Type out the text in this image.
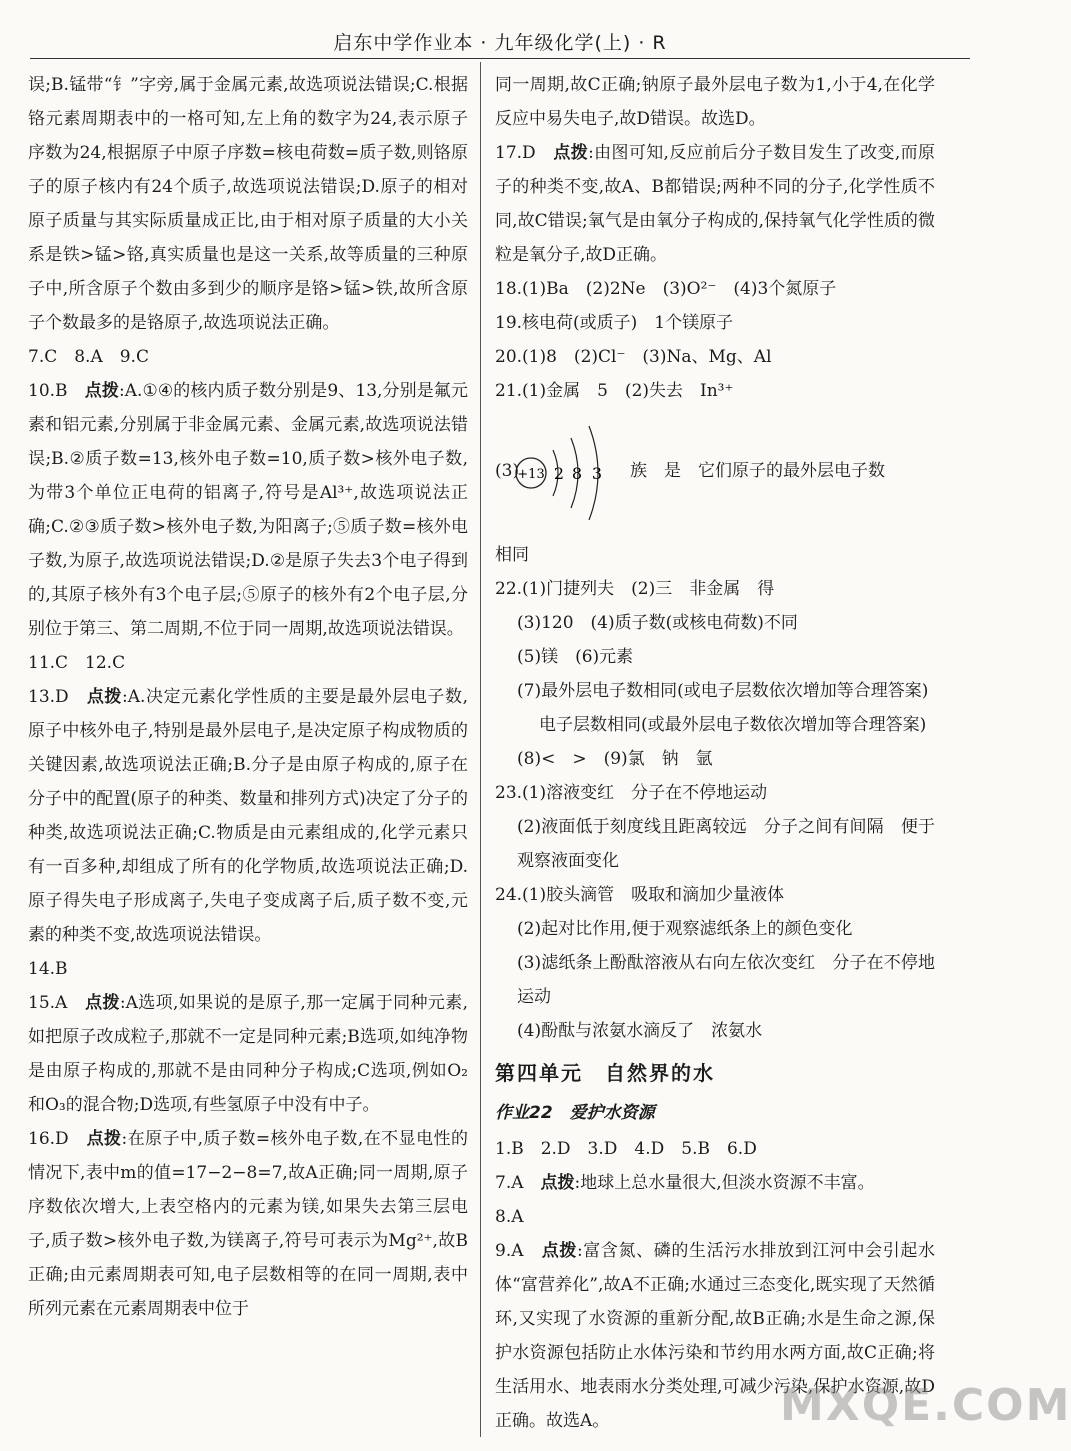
启东中学作业本 · 九年级化学(上) · R

误;B.锰带“钅”字旁,属于金属元素,故选项说法错误;C.根据铬元素周期表中的一格可知,左上角的数字为24,表示原子序数为24,根据原子中原子序数=核电荷数=质子数,则铬原子的原子核内有24个质子,故选项说法错误;D.原子的相对原子质量与其实际质量成正比,由于相对原子质量的大小关系是铁>锰>铬,真实质量也是这一关系,故等质量的三种原子中,所含原子个数由多到少的顺序是铬>锰>铁,故所含原子个数最多的是铬原子,故选项说法正确。

7.C　8.A　9.C

10.B　点拨:A.①④的核内质子数分别是9、13,分别是氟元素和铝元素,分别属于非金属元素、金属元素,故选项说法错误;B.②质子数=13,核外电子数=10,质子数>核外电子数,为带3个单位正电荷的铝离子,符号是Al³⁺,故选项说法正确;C.②③质子数>核外电子数,为阳离子;⑤质子数=核外电子数,为原子,故选项说法错误;D.②是原子失去3个电子得到的,其原子核外有3个电子层;⑤原子的核外有2个电子层,分别位于第三、第二周期,不位于同一周期,故选项说法错误。

11.C　12.C

13.D　点拨:A.决定元素化学性质的主要是最外层电子数,原子中核外电子,特别是最外层电子,是决定原子构成物质的关键因素,故选项说法正确;B.分子是由原子构成的,原子在分子中的配置(原子的种类、数量和排列方式)决定了分子的种类,故选项说法正确;C.物质是由元素组成的,化学元素只有一百多种,却组成了所有的化学物质,故选项说法正确;D.原子得失电子形成离子,失电子变成离子后,质子数不变,元素的种类不变,故选项说法错误。

14.B

15.A　点拨:A选项,如果说的是原子,那一定属于同种元素,如把原子改成粒子,那就不一定是同种元素;B选项,如纯净物是由原子构成的,那就不是由同种分子构成;C选项,例如O₂和O₃的混合物;D选项,有些氢原子中没有中子。

16.D　点拨:在原子中,质子数=核外电子数,在不显电性的情况下,表中m的值=17−2−8=7,故A正确;同一周期,原子序数依次增大,上表空格内的元素为镁,如果失去第三层电子,质子数>核外电子数,为镁离子,符号可表示为Mg²⁺,故B正确;由元素周期表可知,电子层数相等的在同一周期,表中所列元素在元素周期表中位于

同一周期,故C正确;钠原子最外层电子数为1,小于4,在化学反应中易失电子,故D错误。故选D。

17.D　点拨:由图可知,反应前后分子数目发生了改变,而原子的种类不变,故A、B都错误;两种不同的分子,化学性质不同,故C错误;氧气是由氧分子构成的,保持氧气化学性质的微粒是氧分子,故D正确。

18.(1)Ba　(2)2Ne　(3)O²⁻　(4)3个氮原子

19.核电荷(或质子)　1个镁原子

20.(1)8　(2)Cl⁻　(3)Na、Mg、Al

21.(1)金属　5　(2)失去　In³⁺

(3)
+13 2 8 3 族　是　它们原子的最外层电子数

相同

22.(1)门捷列夫　(2)三　非金属　得

(3)120　(4)质子数(或核电荷数)不同

(5)镁　(6)元素

(7)最外层电子数相同(或电子层数依次增加等合理答案)

电子层数相同(或最外层电子数依次增加等合理答案)

(8)<　>　(9)氯　钠　氩

23.(1)溶液变红　分子在不停地运动

(2)液面低于刻度线且距离较远　分子之间有间隔　便于观察液面变化

24.(1)胶头滴管　吸取和滴加少量液体

(2)起对比作用,便于观察滤纸条上的颜色变化

(3)滤纸条上酚酞溶液从右向左依次变红　分子在不停地运动

(4)酚酞与浓氨水滴反了　浓氨水

第四单元　自然界的水
作业22　爱护水资源

1.B　2.D　3.D　4.D　5.B　6.D

7.A　点拨:地球上总水量很大,但淡水资源不丰富。

8.A

9.A　点拨:富含氮、磷的生活污水排放到江河中会引起水体“富营养化”,故A不正确;水通过三态变化,既实现了天然循环,又实现了水资源的重新分配,故B正确;水是生命之源,保护水资源包括防止水体污染和节约用水两方面,故C正确;将生活用水、地表雨水分类处理,可减少污染,保护水资源,故D正确。故选A。	MXQE.COM
